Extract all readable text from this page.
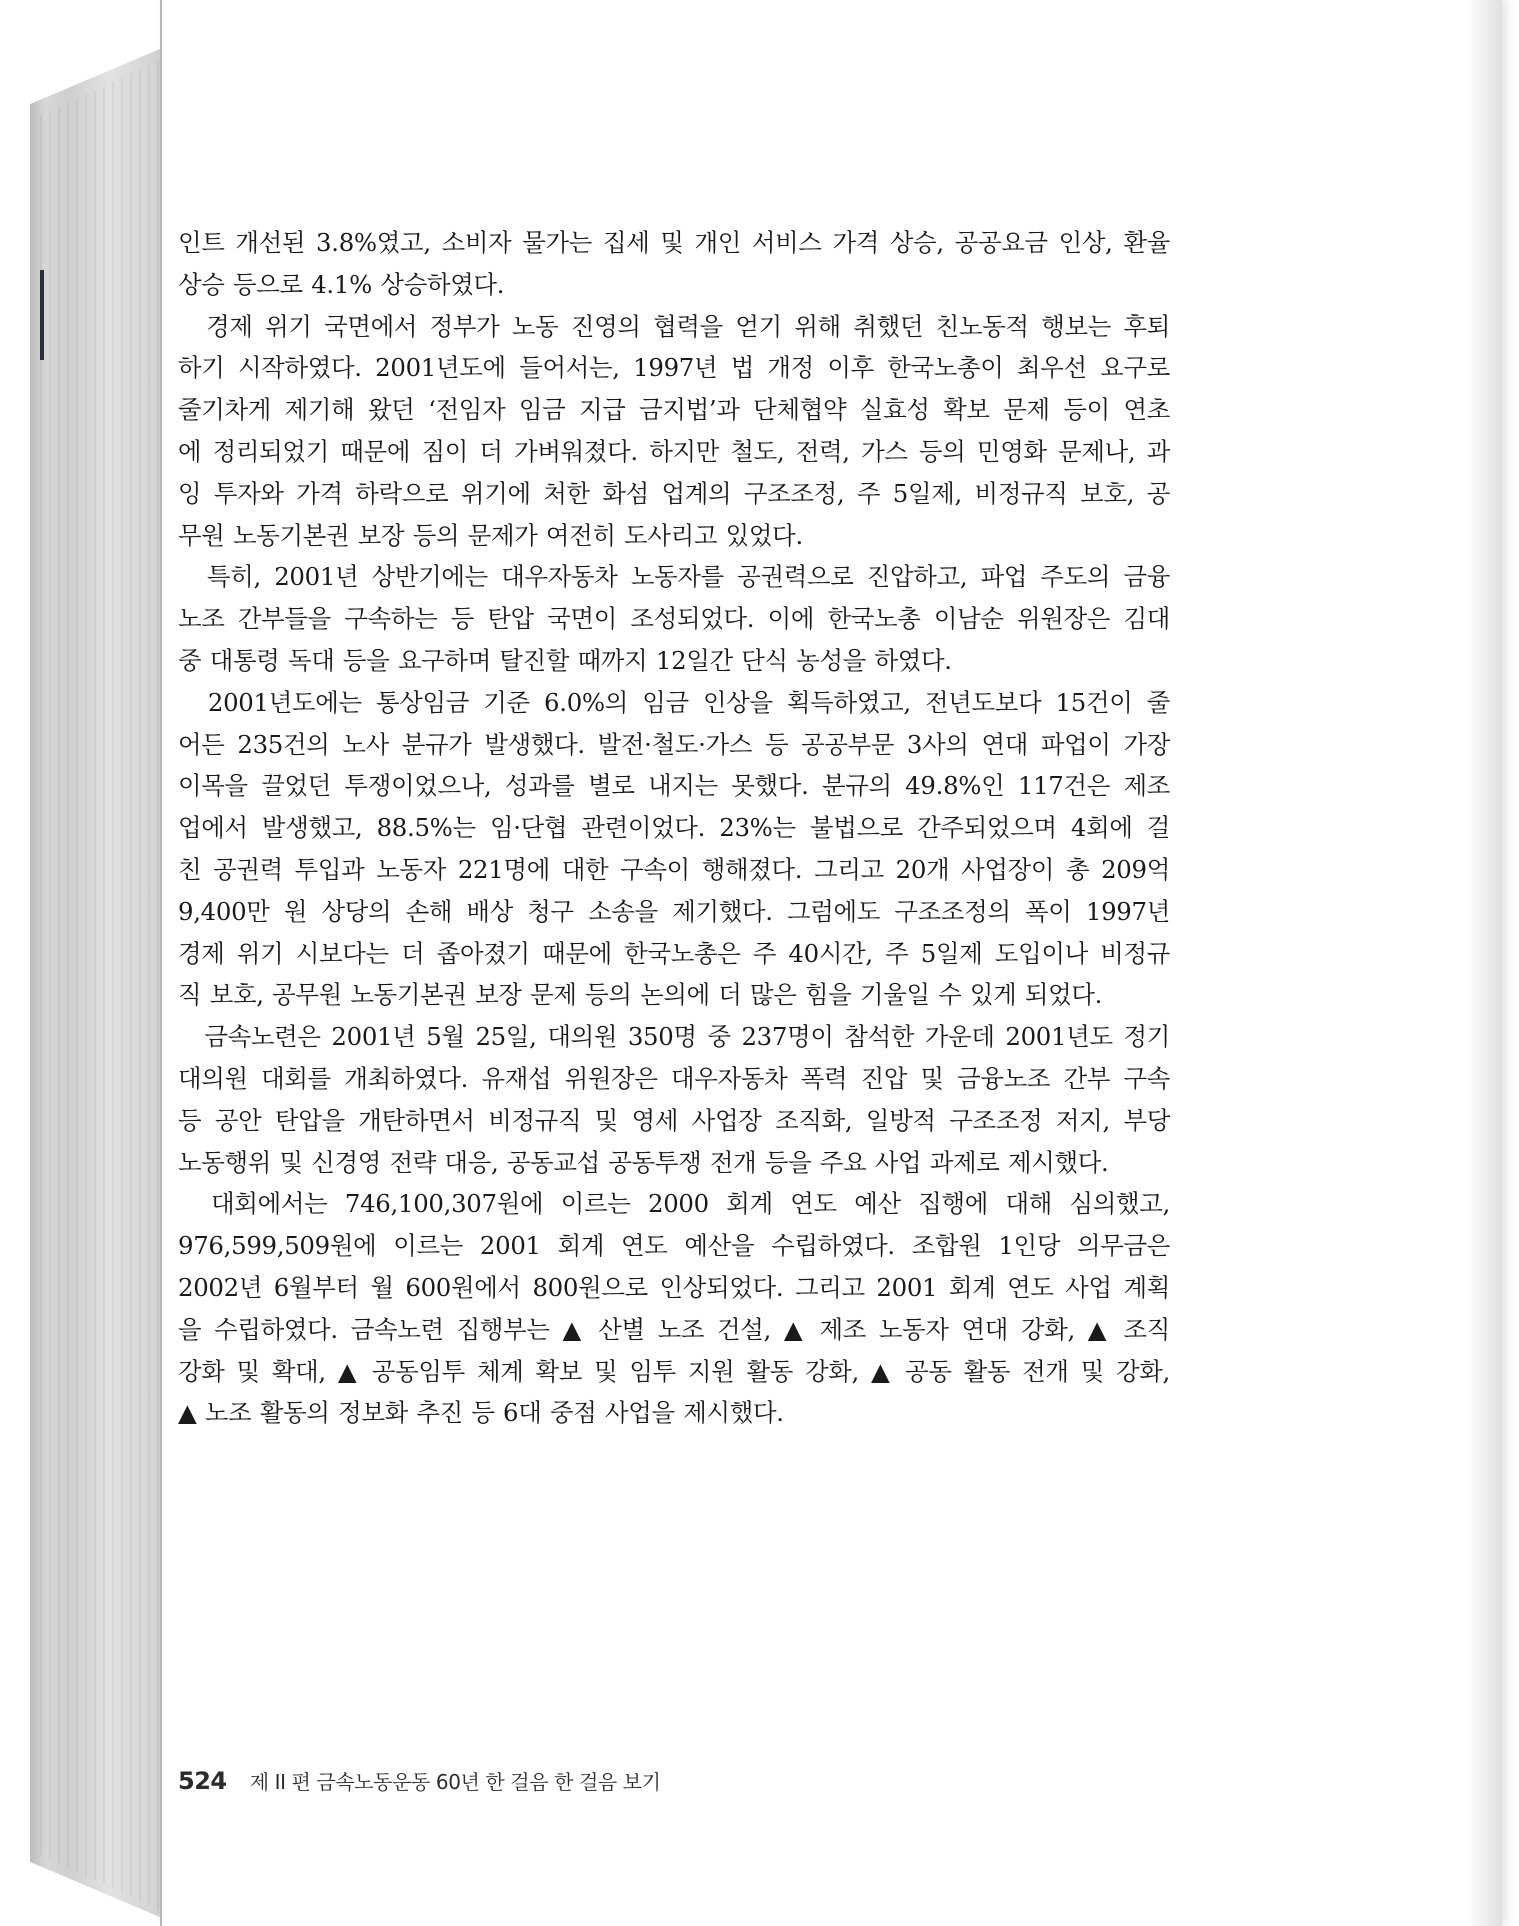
인트 개선된 3.8%였고, 소비자 물가는 집세 및 개인 서비스 가격 상승, 공공요금 인상, 환율
상승 등으로 4.1% 상승하였다.
　경제 위기 국면에서 정부가 노동 진영의 협력을 얻기 위해 취했던 친노동적 행보는 후퇴
하기 시작하였다. 2001년도에 들어서는, 1997년 법 개정 이후 한국노총이 최우선 요구로
줄기차게 제기해 왔던 ‘전임자 임금 지급 금지법’과 단체협약 실효성 확보 문제 등이 연초
에 정리되었기 때문에 짐이 더 가벼워졌다. 하지만 철도, 전력, 가스 등의 민영화 문제나, 과
잉 투자와 가격 하락으로 위기에 처한 화섬 업계의 구조조정, 주 5일제, 비정규직 보호, 공
무원 노동기본권 보장 등의 문제가 여전히 도사리고 있었다.
　특히, 2001년 상반기에는 대우자동차 노동자를 공권력으로 진압하고, 파업 주도의 금융
노조 간부들을 구속하는 등 탄압 국면이 조성되었다. 이에 한국노총 이남순 위원장은 김대
중 대통령 독대 등을 요구하며 탈진할 때까지 12일간 단식 농성을 하였다.
　2001년도에는 통상임금 기준 6.0%의 임금 인상을 획득하였고, 전년도보다 15건이 줄
어든 235건의 노사 분규가 발생했다. 발전·철도·가스 등 공공부문 3사의 연대 파업이 가장
이목을 끌었던 투쟁이었으나, 성과를 별로 내지는 못했다. 분규의 49.8%인 117건은 제조
업에서 발생했고, 88.5%는 임·단협 관련이었다. 23%는 불법으로 간주되었으며 4회에 걸
친 공권력 투입과 노동자 221명에 대한 구속이 행해졌다. 그리고 20개 사업장이 총 209억
9,400만 원 상당의 손해 배상 청구 소송을 제기했다. 그럼에도 구조조정의 폭이 1997년
경제 위기 시보다는 더 좁아졌기 때문에 한국노총은 주 40시간, 주 5일제 도입이나 비정규
직 보호, 공무원 노동기본권 보장 문제 등의 논의에 더 많은 힘을 기울일 수 있게 되었다.
　금속노련은 2001년 5월 25일, 대의원 350명 중 237명이 참석한 가운데 2001년도 정기
대의원 대회를 개최하였다. 유재섭 위원장은 대우자동차 폭력 진압 및 금융노조 간부 구속
등 공안 탄압을 개탄하면서 비정규직 및 영세 사업장 조직화, 일방적 구조조정 저지, 부당
노동행위 및 신경영 전략 대응, 공동교섭 공동투쟁 전개 등을 주요 사업 과제로 제시했다.
　대회에서는 746,100,307원에 이르는 2000 회계 연도 예산 집행에 대해 심의했고,
976,599,509원에 이르는 2001 회계 연도 예산을 수립하였다. 조합원 1인당 의무금은
2002년 6월부터 월 600원에서 800원으로 인상되었다. 그리고 2001 회계 연도 사업 계획
을 수립하였다. 금속노련 집행부는 ▲ 산별 노조 건설, ▲ 제조 노동자 연대 강화, ▲ 조직
강화 및 확대, ▲ 공동임투 체계 확보 및 임투 지원 활동 강화, ▲ 공동 활동 전개 및 강화,
▲ 노조 활동의 정보화 추진 등 6대 중점 사업을 제시했다.
524 제 II 편 금속노동운동 60년 한 걸음 한 걸음 보기
